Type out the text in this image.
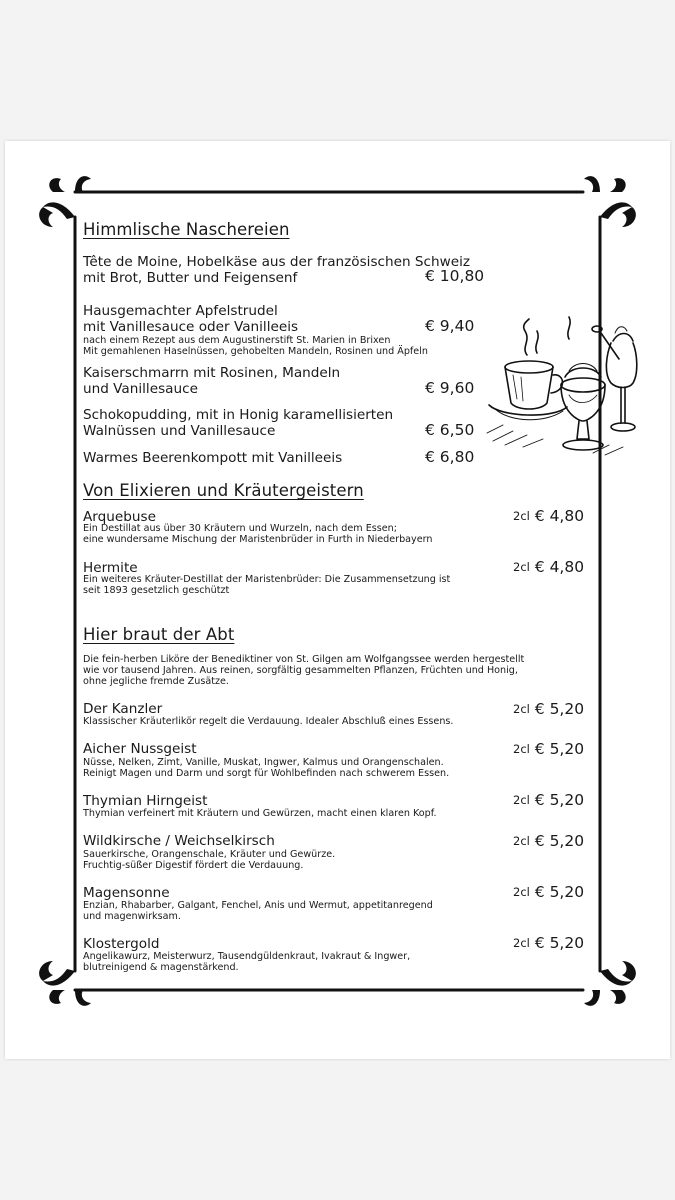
Himmlische Naschereien
Tête de Moine, Hobelkäse aus der französischen Schweiz
mit Brot, Butter und Feigensenf	€ 10,80
Hausgemachter Apfelstrudel
mit Vanillesauce oder Vanilleeis	€ 9,40
nach einem Rezept aus dem Augustinerstift St. Marien in Brixen
Mit gemahlenen Haselnüssen, gehobelten Mandeln, Rosinen und Äpfeln
Kaiserschmarrn mit Rosinen, Mandeln
und Vanillesauce	€ 9,60
Schokopudding, mit in Honig karamellisierten
Walnüssen und Vanillesauce	€ 6,50
Warmes Beerenkompott mit Vanilleeis	€ 6,80
Von Elixieren und Kräutergeistern
Arquebuse
Ein Destillat aus über 30 Kräutern und Wurzeln, nach dem Essen;
eine wundersame Mischung der Maristenbrüder in Furth in Niederbayern
2cl € 4,80
Hermite
Ein weiteres Kräuter-Destillat der Maristenbrüder: Die Zusammensetzung ist
seit 1893 gesetzlich geschützt
2cl € 4,80
Hier braut der Abt
Die fein-herben Liköre der Benediktiner von St. Gilgen am Wolfgangssee werden hergestellt
wie vor tausend Jahren. Aus reinen, sorgfältig gesammelten Pflanzen, Früchten und Honig,
ohne jegliche fremde Zusätze.
Der Kanzler
Klassischer Kräuterlikör regelt die Verdauung. Idealer Abschluß eines Essens.
2cl € 5,20
Aicher Nussgeist
Nüsse, Nelken, Zimt, Vanille, Muskat, Ingwer, Kalmus und Orangenschalen.
Reinigt Magen und Darm und sorgt für Wohlbefinden nach schwerem Essen.
2cl € 5,20
Thymian Hirngeist
Thymian verfeinert mit Kräutern und Gewürzen, macht einen klaren Kopf.
2cl € 5,20
Wildkirsche / Weichselkirsch
Sauerkirsche, Orangenschale, Kräuter und Gewürze.
Fruchtig-süßer Digestif fördert die Verdauung.
2cl € 5,20
Magensonne
Enzian, Rhabarber, Galgant, Fenchel, Anis und Wermut, appetitanregend
und magenwirksam.
2cl € 5,20
Klostergold
Angelikawurz, Meisterwurz, Tausendgüldenkraut, Ivakraut & Ingwer,
blutreinigend & magenstärkend.
2cl € 5,20
